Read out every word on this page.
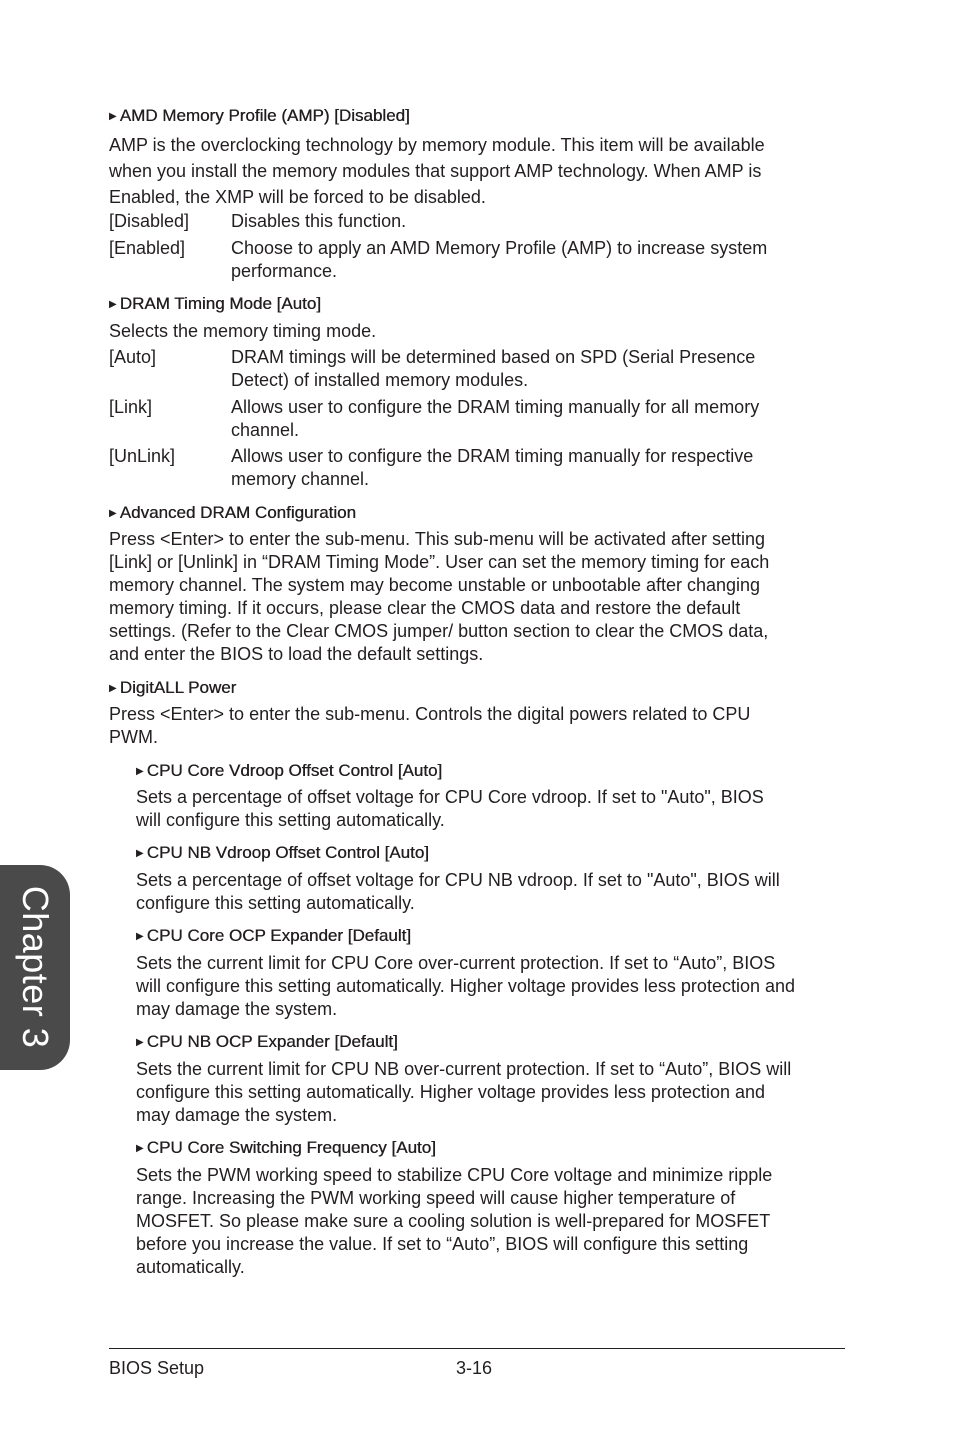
▶ AMD Memory Profile (AMP) [Disabled]
AMP is the overclocking technology by memory module. This item will be available
when you install the memory modules that support AMP technology. When AMP is
Enabled, the XMP will be forced to be disabled.
[Disabled] Disables this function.
[Enabled]	Choose to apply an AMD Memory Profile (AMP) to increase system
performance.
▶ DRAM Timing Mode [Auto]
Selects the memory timing mode.
[Auto]	DRAM timings will be determined based on SPD (Serial Presence
Detect) of installed memory modules.
[Link]	Allows user to configure the DRAM timing manually for all memory
channel.
[UnLink]	Allows user to configure the DRAM timing manually for respective
memory channel.
▶ Advanced DRAM Configuration
Press <Enter> to enter the sub-menu. This sub-menu will be activated after setting
[Link] or [Unlink] in “DRAM Timing Mode”. User can set the memory timing for each
memory channel. The system may become unstable or unbootable after changing
memory timing. If it occurs, please clear the CMOS data and restore the default
settings. (Refer to the Clear CMOS jumper/ button section to clear the CMOS data,
and enter the BIOS to load the default settings.
▶ DigitALL Power
Press <Enter> to enter the sub-menu. Controls the digital powers related to CPU
PWM.
▶ CPU Core Vdroop Offset Control [Auto]
Sets a percentage of offset voltage for CPU Core vdroop. If set to "Auto", BIOS
will configure this setting automatically.
▶ CPU NB Vdroop Offset Control [Auto]
Sets a percentage of offset voltage for CPU NB vdroop. If set to "Auto", BIOS will
configure this setting automatically.
▶ CPU Core OCP Expander [Default]
Sets the current limit for CPU Core over-current protection. If set to “Auto”, BIOS
will configure this setting automatically. Higher voltage provides less protection and
may damage the system.
▶ CPU NB OCP Expander [Default]
Sets the current limit for CPU NB over-current protection. If set to “Auto”, BIOS will
configure this setting automatically. Higher voltage provides less protection and
may damage the system.
▶ CPU Core Switching Frequency [Auto]
Sets the PWM working speed to stabilize CPU Core voltage and minimize ripple
range. Increasing the PWM working speed will cause higher temperature of
MOSFET. So please make sure a cooling solution is well-prepared for MOSFET
before you increase the value. If set to “Auto”, BIOS will configure this setting
automatically.
Chapter 3
BIOS Setup	3-16
